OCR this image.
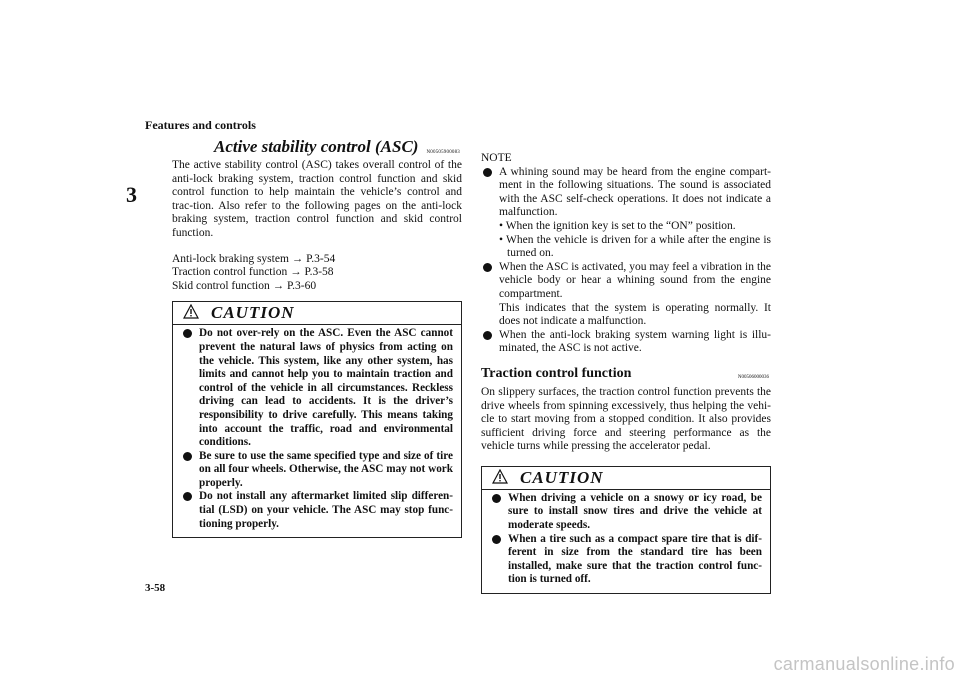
Features and controls
3
3-58
Active stability control (ASC) N00505900083

The active stability control (ASC) takes overall control of the anti-lock braking system, traction control function and skid control function to help maintain the vehicle’s control and trac-tion. Also refer to the following pages on the anti-lock braking system, traction control function and skid control function.

Anti-lock braking system → P.3-54
Traction control function → P.3-58
Skid control function → P.3-60
CAUTION
Do not over-rely on the ASC. Even the ASC cannot prevent the natural laws of physics from acting on the vehicle. This system, like any other system, has limits and cannot help you to maintain traction and control of the vehicle in all circumstances. Reckless driving can lead to accidents. It is the driver’s responsibility to drive carefully. This means taking into account the traffic, road and environmental conditions.
Be sure to use the same specified type and size of tire on all four wheels. Otherwise, the ASC may not work properly.
Do not install any aftermarket limited slip differen-tial (LSD) on your vehicle. The ASC may stop func-tioning properly.
NOTE
A whining sound may be heard from the engine compart-ment in the following situations. The sound is associated with the ASC self-check operations. It does not indicate a malfunction.
• When the ignition key is set to the “ON” position.
• When the vehicle is driven for a while after the engine is turned on.
When the ASC is activated, you may feel a vibration in the vehicle body or hear a whining sound from the engine compartment.
This indicates that the system is operating normally. It does not indicate a malfunction.
When the anti-lock braking system warning light is illu-minated, the ASC is not active.
Traction control function	N00506000036

On slippery surfaces, the traction control function prevents the drive wheels from spinning excessively, thus helping the vehi-cle to start moving from a stopped condition. It also provides sufficient driving force and steering performance as the vehicle turns while pressing the accelerator pedal.

CAUTION
When driving a vehicle on a snowy or icy road, be sure to install snow tires and drive the vehicle at moderate speeds.
When a tire such as a compact spare tire that is dif-ferent in size from the standard tire has been installed, make sure that the traction control func-tion is turned off.
carmanualsonline.info
